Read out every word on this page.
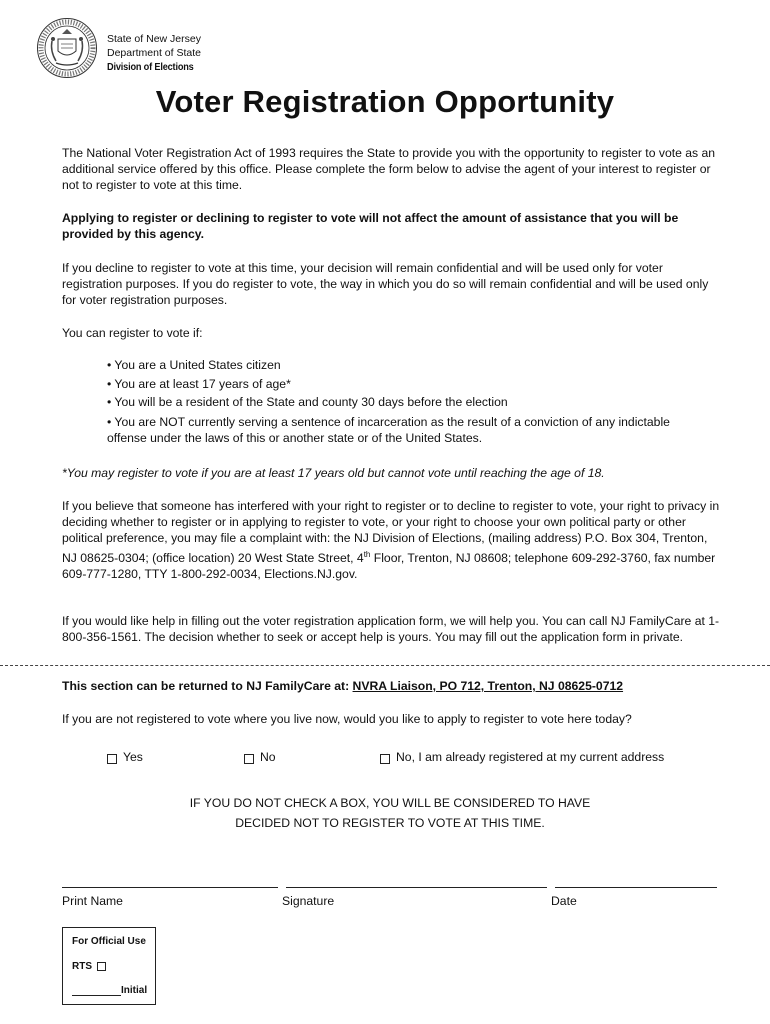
State of New Jersey
Department of State
Division of Elections
Voter Registration Opportunity
The National Voter Registration Act of 1993 requires the State to provide you with the opportunity to register to vote as an additional service offered by this office. Please complete the form below to advise the agent of your interest to register or not to register to vote at this time.
Applying to register or declining to register to vote will not affect the amount of assistance that you will be provided by this agency.
If you decline to register to vote at this time, your decision will remain confidential and will be used only for voter registration purposes. If you do register to vote, the way in which you do so will remain confidential and will be used only for voter registration purposes.
You can register to vote if:
• You are a United States citizen
• You are at least 17 years of age*
• You will be a resident of the State and county 30 days before the election
• You are NOT currently serving a sentence of incarceration as the result of a conviction of any indictable offense under the laws of this or another state or of the United States.
*You may register to vote if you are at least 17 years old but cannot vote until reaching the age of 18.
If you believe that someone has interfered with your right to register or to decline to register to vote, your right to privacy in deciding whether to register or in applying to register to vote, or your right to choose your own political party or other political preference, you may file a complaint with: the NJ Division of Elections, (mailing address) P.O. Box 304, Trenton, NJ 08625-0304; (office location) 20 West State Street, 4th Floor, Trenton, NJ 08608; telephone 609-292-3760, fax number 609-777-1280, TTY 1-800-292-0034, Elections.NJ.gov.
If you would like help in filling out the voter registration application form, we will help you. You can call NJ FamilyCare at 1-800-356-1561. The decision whether to seek or accept help is yours. You may fill out the application form in private.
This section can be returned to NJ FamilyCare at: NVRA Liaison, PO 712, Trenton, NJ 08625-0712
If you are not registered to vote where you live now, would you like to apply to register to vote here today?
Yes	No	No, I am already registered at my current address
IF YOU DO NOT CHECK A BOX, YOU WILL BE CONSIDERED TO HAVE
DECIDED NOT TO REGISTER TO VOTE AT THIS TIME.
Print Name	Signature	Date
For Official Use
RTS
Initial
